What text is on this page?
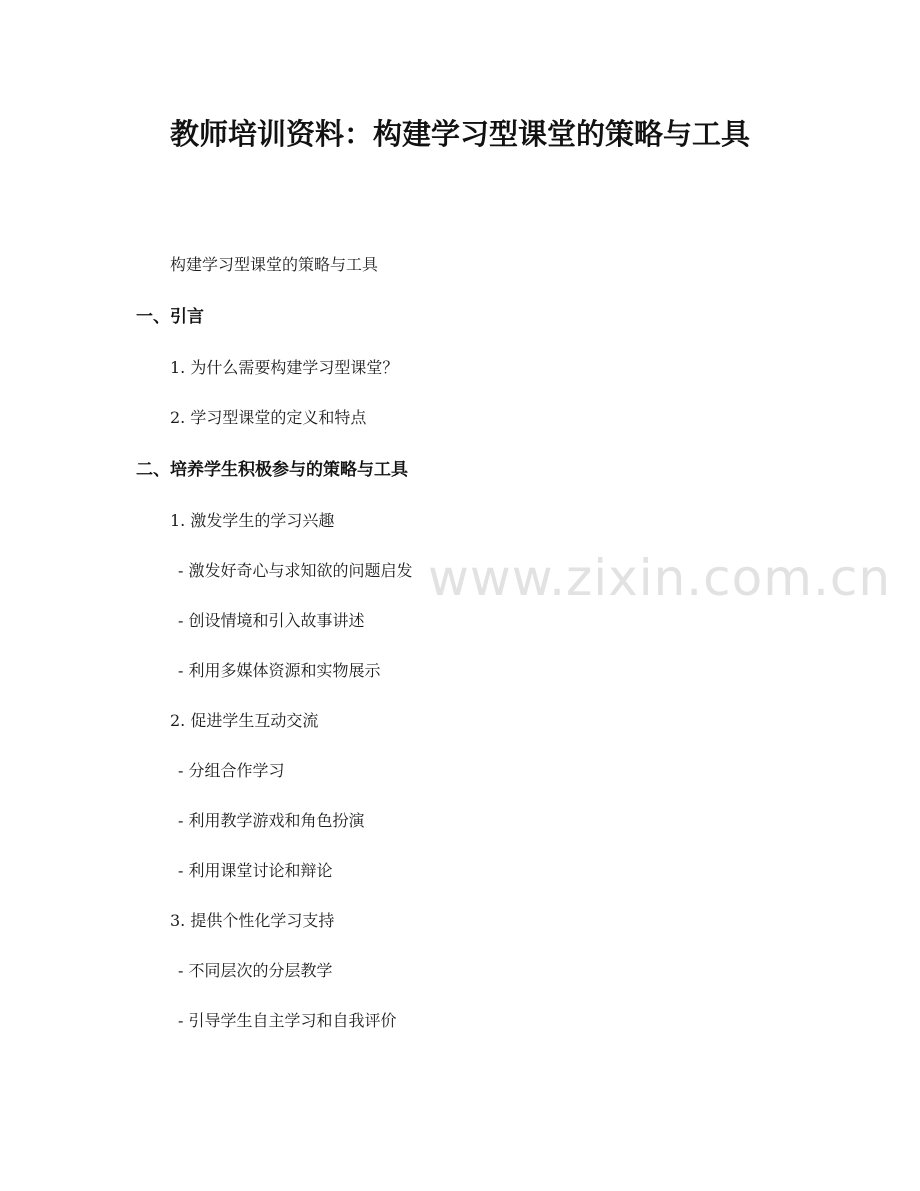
教师培训资料：构建学习型课堂的策略与工具

构建学习型课堂的策略与工具

一、引言

1. 为什么需要构建学习型课堂？

2. 学习型课堂的定义和特点

二、培养学生积极参与的策略与工具

1. 激发学生的学习兴趣

- 激发好奇心与求知欲的问题启发

- 创设情境和引入故事讲述

- 利用多媒体资源和实物展示

2. 促进学生互动交流

- 分组合作学习

- 利用教学游戏和角色扮演

- 利用课堂讨论和辩论

3. 提供个性化学习支持

- 不同层次的分层教学

- 引导学生自主学习和自我评价

www.zixin.com.cn
